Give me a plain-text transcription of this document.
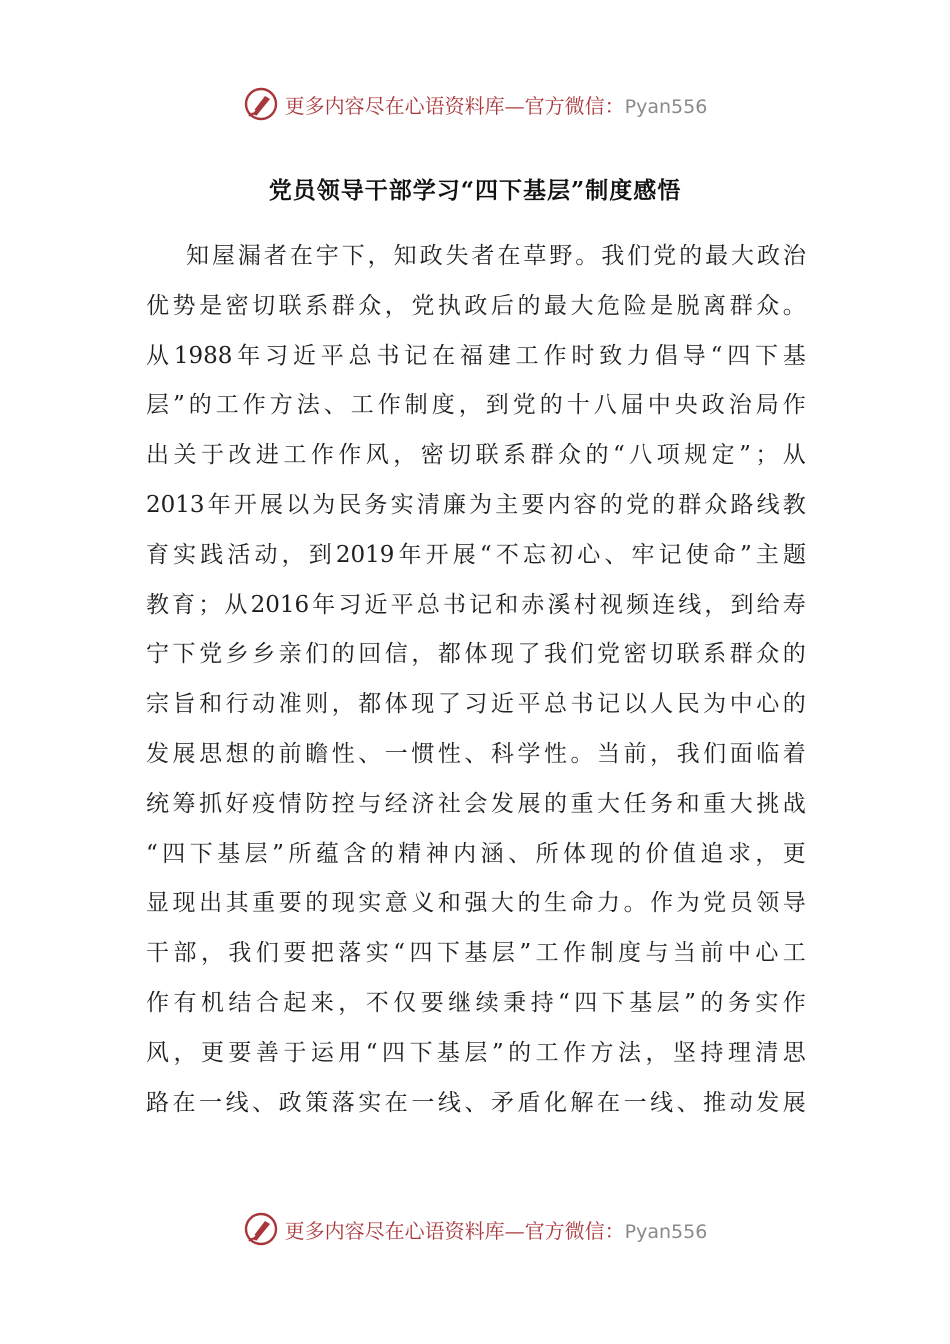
更多内容尽在心语资料库—官方微信：Pyan556
党员领导干部学习“四下基层”制度感悟
知 屋 漏 者 在 宇 下 ， 知 政 失 者 在 草 野 。 我 们 党 的 最 大 政 治
优 势 是 密 切 联 系 群 众 ， 党 执 政 后 的 最 大 危 险 是 脱 离 群 众 。
从 1988 年 习 近 平 总 书 记 在 福 建 工 作 时 致 力 倡 导 “ 四 下 基
层 ” 的 工 作 方 法 、 工 作 制 度 ， 到 党 的 十 八 届 中 央 政 治 局 作
出 关 于 改 进 工 作 作 风 ， 密 切 联 系 群 众 的 “ 八 项 规 定 ” ； 从
2013 年 开 展 以 为 民 务 实 清 廉 为 主 要 内 容 的 党 的 群 众 路 线 教
育 实 践 活 动 ， 到 2019 年 开 展 “ 不 忘 初 心 、 牢 记 使 命 ” 主 题
教 育 ； 从 2016 年 习 近 平 总 书 记 和 赤 溪 村 视 频 连 线 ， 到 给 寿
宁 下 党 乡 乡 亲 们 的 回 信 ， 都 体 现 了 我 们 党 密 切 联 系 群 众 的
宗 旨 和 行 动 准 则 ， 都 体 现 了 习 近 平 总 书 记 以 人 民 为 中 心 的
发 展 思 想 的 前 瞻 性 、 一 惯 性 、 科 学 性 。 当 前 ， 我 们 面 临 着
统 筹 抓 好 疫 情 防 控 与 经 济 社 会 发 展 的 重 大 任 务 和 重 大 挑 战
“ 四 下 基 层 ” 所 蕴 含 的 精 神 内 涵 、 所 体 现 的 价 值 追 求 ， 更
显 现 出 其 重 要 的 现 实 意 义 和 强 大 的 生 命 力 。 作 为 党 员 领 导
干 部 ， 我 们 要 把 落 实 “ 四 下 基 层 ” 工 作 制 度 与 当 前 中 心 工
作 有 机 结 合 起 来 ， 不 仅 要 继 续 秉 持 “ 四 下 基 层 ” 的 务 实 作
风 ， 更 要 善 于 运 用 “ 四 下 基 层 ” 的 工 作 方 法 ， 坚 持 理 清 思
路 在 一 线 、 政 策 落 实 在 一 线 、 矛 盾 化 解 在 一 线 、 推 动 发 展
更多内容尽在心语资料库—官方微信：Pyan556
